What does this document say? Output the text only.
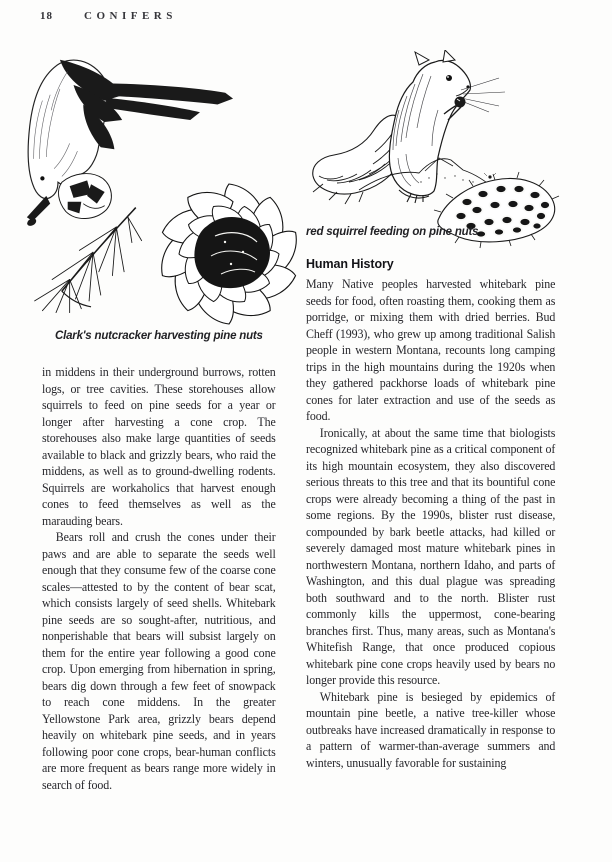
18	CONIFERS
Clark's nutcracker harvesting pine nuts
red squirrel feeding on pine nuts
Human History

in middens in their underground burrows, rotten logs, or tree cavities. These storehouses allow squirrels to feed on pine seeds for a year or longer after harvesting a cone crop. The storehouses also make large quantities of seeds available to black and grizzly bears, who raid the middens, as well as to ground-dwelling rodents. Squirrels are workaholics that harvest enough cones to feed themselves as well as the marauding bears.

Bears roll and crush the cones under their paws and are able to separate the seeds well enough that they consume few of the coarse cone scales—attested to by the content of bear scat, which consists largely of seed shells. Whitebark pine seeds are so sought-after, nutritious, and nonperishable that bears will subsist largely on them for the entire year following a good cone crop. Upon emerging from hibernation in spring, bears dig down through a few feet of snowpack to reach cone middens. In the greater Yellowstone Park area, grizzly bears depend heavily on whitebark pine seeds, and in years following poor cone crops, bear-human conflicts are more frequent as bears range more widely in search of food.

Many Native peoples harvested whitebark pine seeds for food, often roasting them, cooking them as porridge, or mixing them with dried berries. Bud Cheff (1993), who grew up among traditional Salish people in western Montana, recounts long camping trips in the high mountains during the 1920s when they gathered packhorse loads of whitebark pine cones for later extraction and use of the seeds as food.

Ironically, at about the same time that biologists recognized whitebark pine as a critical component of its high mountain ecosystem, they also discovered serious threats to this tree and that its bountiful cone crops were already becoming a thing of the past in some regions. By the 1990s, blister rust disease, compounded by bark beetle attacks, had killed or severely damaged most mature whitebark pines in northwestern Montana, northern Idaho, and parts of Washington, and this dual plague was spreading both southward and to the north. Blister rust commonly kills the uppermost, cone-bearing branches first. Thus, many areas, such as Montana's Whitefish Range, that once produced copious whitebark pine cone crops heavily used by bears no longer provide this resource.

Whitebark pine is besieged by epidemics of mountain pine beetle, a native tree-killer whose outbreaks have increased dramatically in response to a pattern of warmer-than-average summers and winters, unusually favorable for sustaining
